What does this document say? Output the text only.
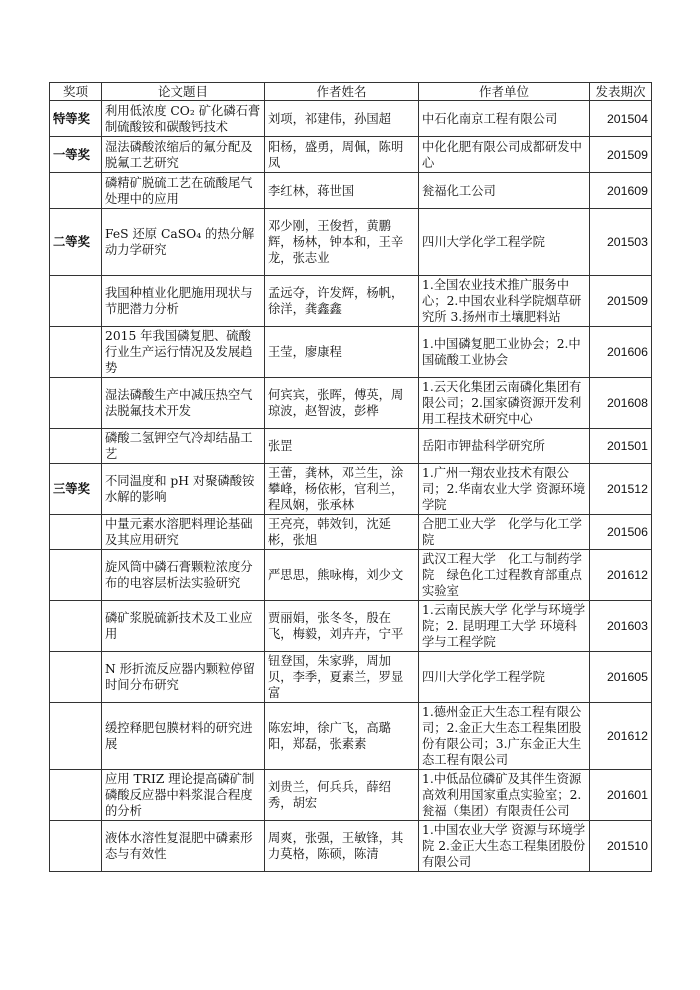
奖项	论文题目	作者姓名	作者单位	发表期次
特等奖	利用低浓度 CO₂ 矿化磷石膏制硫酸铵和碳酸钙技术	刘项，祁建伟，孙国超	中石化南京工程有限公司	201504
一等奖	湿法磷酸浓缩后的氟分配及脱氟工艺研究	阳杨，盛勇，周佩，陈明凤	中化化肥有限公司成都研发中心	201509
	磷精矿脱硫工艺在硫酸尾气处理中的应用	李红林，蒋世国	瓮福化工公司	201609
二等奖	FeS 还原 CaSO₄ 的热分解动力学研究	邓少刚，王俊哲，黄鹏辉，杨林，钟本和，王辛龙，张志业	四川大学化学工程学院	201503
	我国种植业化肥施用现状与节肥潜力分析	孟远夺，许发辉，杨帆，徐洋，龚鑫鑫	1.全国农业技术推广服务中心；2.中国农业科学院烟草研究所 3.扬州市土壤肥料站	201509
	2015 年我国磷复肥、硫酸行业生产运行情况及发展趋势	王莹，廖康程	1.中国磷复肥工业协会；2.中国硫酸工业协会	201606
	湿法磷酸生产中减压热空气法脱氟技术开发	何宾宾，张晖，傅英，周琼波，赵智波，彭桦	1.云天化集团云南磷化集团有限公司；2.国家磷资源开发利用工程技术研究中心	201608
	磷酸二氢钾空气冷却结晶工艺	张罡	岳阳市钾盐科学研究所	201501
三等奖	不同温度和 pH 对聚磷酸铵水解的影响	王蕾，龚林，邓兰生，涂攀峰，杨依彬，官利兰，程凤娴，张承林	1.广州一翔农业技术有限公司；2.华南农业大学 资源环境学院	201512
	中量元素水溶肥料理论基础及其应用研究	王亮亮，韩效钊，沈延彬，张旭	合肥工业大学　化学与化工学院	201506
	旋风筒中磷石膏颗粒浓度分布的电容层析法实验研究	严思思，熊咏梅，刘少文	武汉工程大学　化工与制药学院　绿色化工过程教育部重点实验室	201612
	磷矿浆脱硫新技术及工业应用	贾丽娟，张冬冬，殷在飞，梅毅，刘卉卉，宁平	1.云南民族大学 化学与环境学院；2. 昆明理工大学 环境科学与工程学院	201603
	N 形折流反应器内颗粒停留时间分布研究	钮登国，朱家骅，周加贝，李季，夏素兰，罗显富	四川大学化学工程学院	201605
	缓控释肥包膜材料的研究进展	陈宏坤，徐广飞，高璐阳，郑磊，张素素	1.德州金正大生态工程有限公司；2.金正大生态工程集团股份有限公司；3.广东金正大生态工程有限公司	201612
	应用 TRIZ 理论提高磷矿制磷酸反应器中料浆混合程度的分析	刘贵兰，何兵兵，薛绍秀，胡宏	1.中低品位磷矿及其伴生资源高效利用国家重点实验室；2.瓮福（集团）有限责任公司	201601
	液体水溶性复混肥中磷素形态与有效性	周爽，张强，王敏锋，其力莫格，陈硕，陈清	1.中国农业大学 资源与环境学院 2.金正大生态工程集团股份有限公司	201510
